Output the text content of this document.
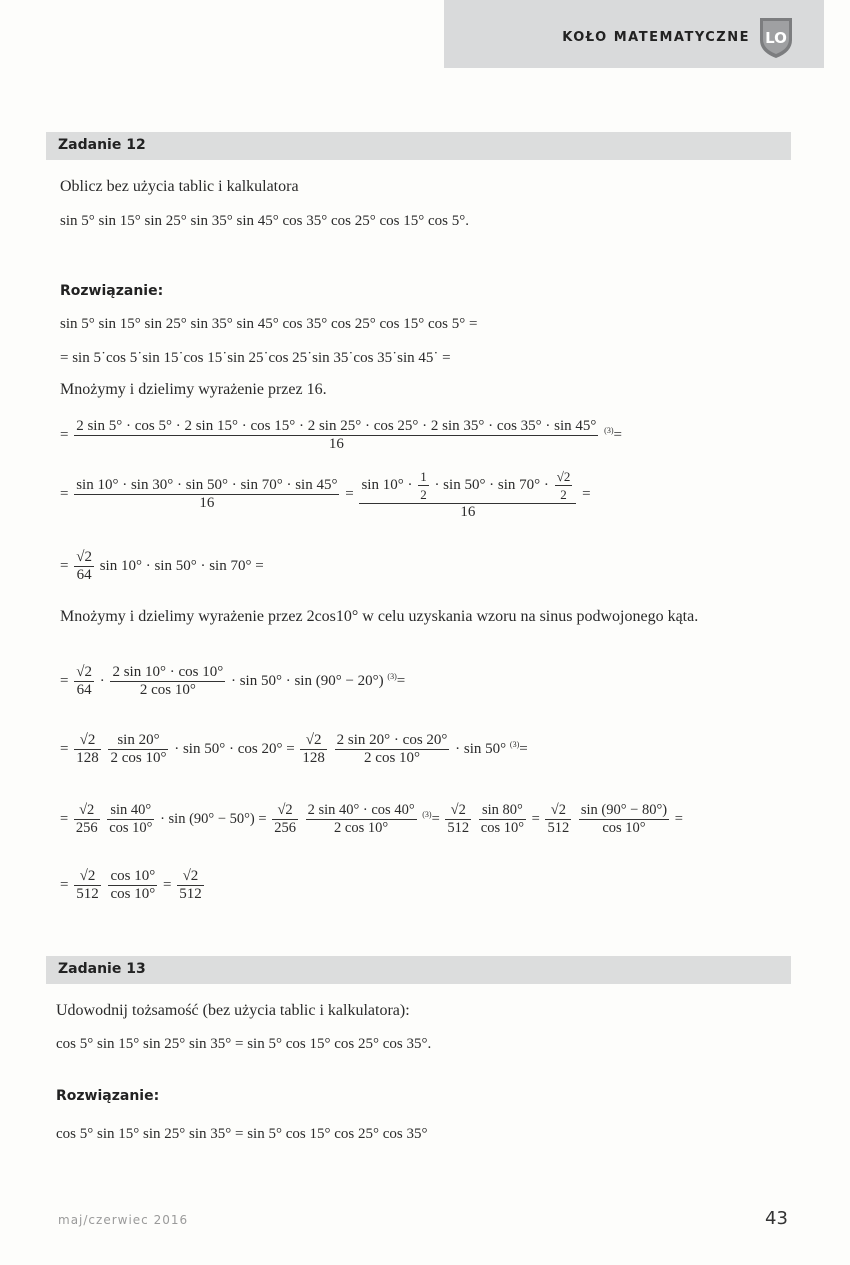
KOŁO MATEMATYCZNE LO
Zadanie 12
Oblicz bez użycia tablic i kalkulatora
sin 5° sin 15° sin 25° sin 35° sin 45° cos 35° cos 25° cos 15° cos 5°.
Rozwiązanie:
sin 5° sin 15° sin 25° sin 35° sin 45° cos 35° cos 25° cos 15° cos 5° =
= sin 5˙cos 5˙sin 15˙cos 15˙sin 25˙cos 25˙sin 35˙cos 35˙sin 45˙ =
Mnożymy i dzielimy wyrażenie przez 16.
=
2 sin 5° · cos 5° · 2 sin 15° · cos 15° · 2 sin 25° · cos 25° · 2 sin 35° · cos 35° · sin 45°
16
$^{(3)}$=
= $\frac{\sin 10^\circ \cdot \sin 30^\circ \cdot \sin 50^\circ \cdot \sin 70^\circ \cdot \sin 45^\circ}{16}$ =
$\sin 10^\circ \cdot \frac{1}{2} \cdot \sin 50^\circ \cdot \sin 70^\circ \cdot \frac{√2}{2}$
16
=
= $\frac{√2}{64}$ sin 10° · sin 50° · sin 70° =
Mnożymy i dzielimy wyrażenie przez 2cos10° w celu uzyskania wzoru na sinus podwojonego kąta.
= $\frac{√2}{64} \cdot \frac{2 \sin 10^\circ \cdot \cos 10^\circ}{2 \cos 10^\circ} \cdot \sin 50^\circ \cdot \sin (90^\circ - 20^\circ)$ $^{(3)}$=
= $\frac{√2}{128}$
$\frac{\sin 20^\circ}{2 \cos 10^\circ} \cdot \sin 50^\circ \cdot \cos 20^\circ = \frac{√2}{128}$
$\frac{2 \sin 20^\circ \cdot \cos 20^\circ}{2 \cos 10^\circ} \cdot \sin 50^\circ$ $^{(3)}$=
= $\frac{√2}{256}$
$\frac{\sin 40^\circ}{\cos 10^\circ} \cdot \sin (90^\circ - 50^\circ) = \frac{√2}{256}$
$\frac{2 \sin 40^\circ \cdot \cos 40^\circ}{2 \cos 10^\circ} ^{(3)}= \frac{√2}{512}$
$\frac{\sin 80^\circ}{\cos 10^\circ} = \frac{√2}{512}$
$\frac{\sin (90^\circ - 80^\circ)}{\cos 10^\circ}$ =
= $\frac{√2}{512}$
$\frac{\cos 10^\circ}{\cos 10^\circ} = \frac{√2}{512}$
Zadanie 13
Udowodnij tożsamość (bez użycia tablic i kalkulatora):
cos 5° sin 15° sin 25° sin 35° = sin 5° cos 15° cos 25° cos 35°.
Rozwiązanie:
cos 5° sin 15° sin 25° sin 35° = sin 5° cos 15° cos 25° cos 35°
maj/czerwiec 2016	43
